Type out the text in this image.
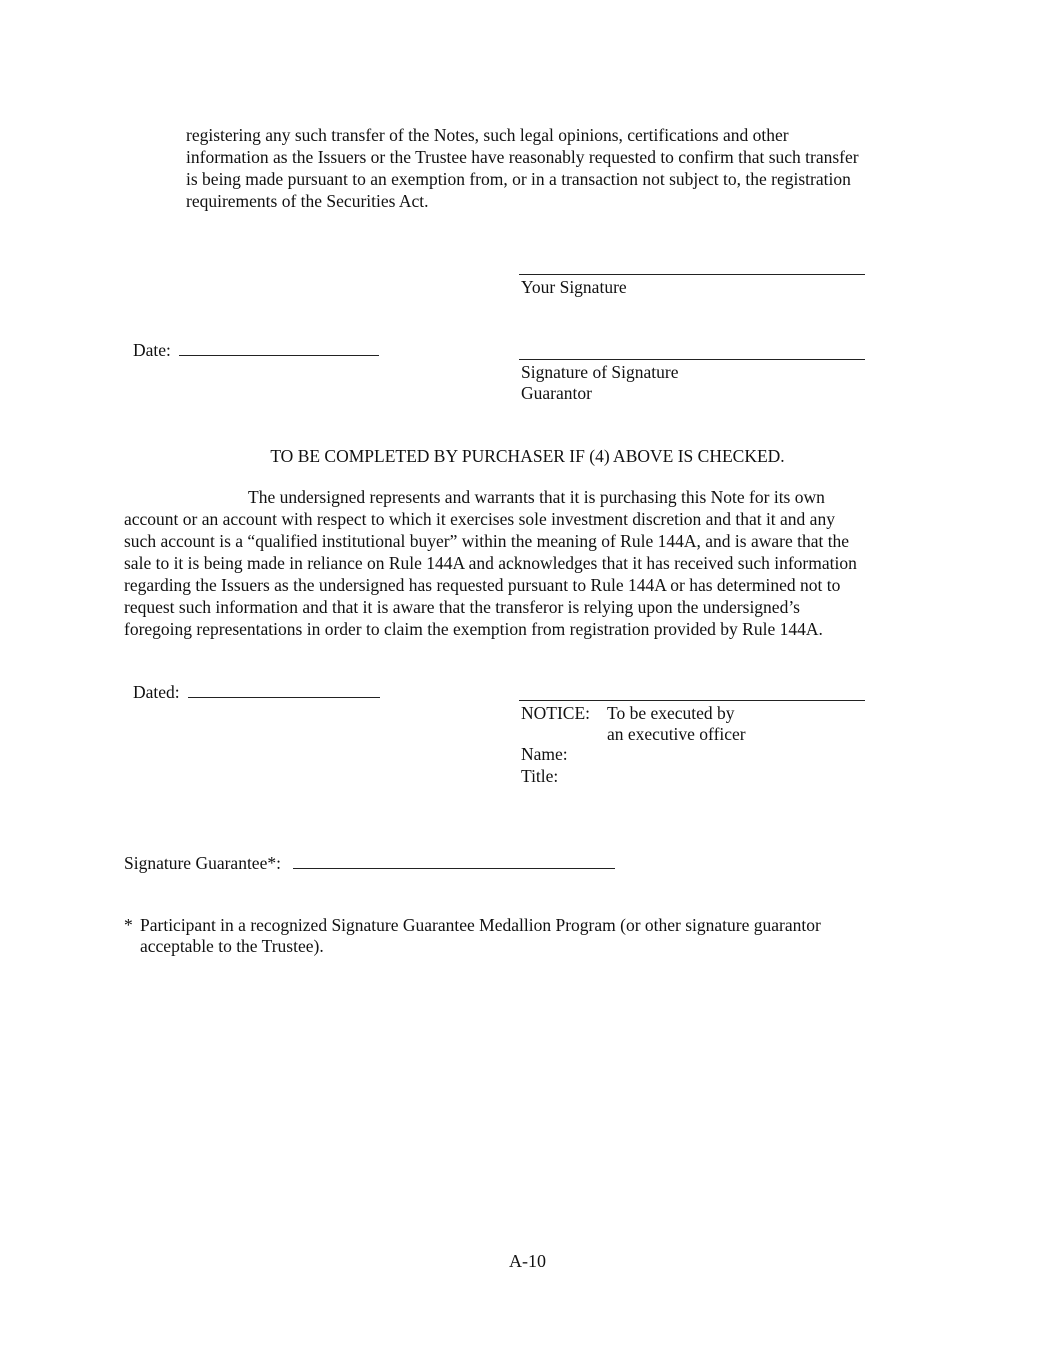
registering any such transfer of the Notes, such legal opinions, certifications and other
information as the Issuers or the Trustee have reasonably requested to confirm that such transfer
is being made pursuant to an exemption from, or in a transaction not subject to, the registration
requirements of the Securities Act.
Your Signature
Date:
Signature of Signature
Guarantor
TO BE COMPLETED BY PURCHASER IF (4) ABOVE IS CHECKED.
The undersigned represents and warrants that it is purchasing this Note for its own
account or an account with respect to which it exercises sole investment discretion and that it and any
such account is a “qualified institutional buyer” within the meaning of Rule 144A, and is aware that the
sale to it is being made in reliance on Rule 144A and acknowledges that it has received such information
regarding the Issuers as the undersigned has requested pursuant to Rule 144A or has determined not to
request such information and that it is aware that the transferor is relying upon the undersigned’s
foregoing representations in order to claim the exemption from registration provided by Rule 144A.
Dated:
NOTICE: To be executed by
an executive officer
Name:
Title:
Signature Guarantee*:
* Participant in a recognized Signature Guarantee Medallion Program (or other signature guarantor
acceptable to the Trustee).
A-10
